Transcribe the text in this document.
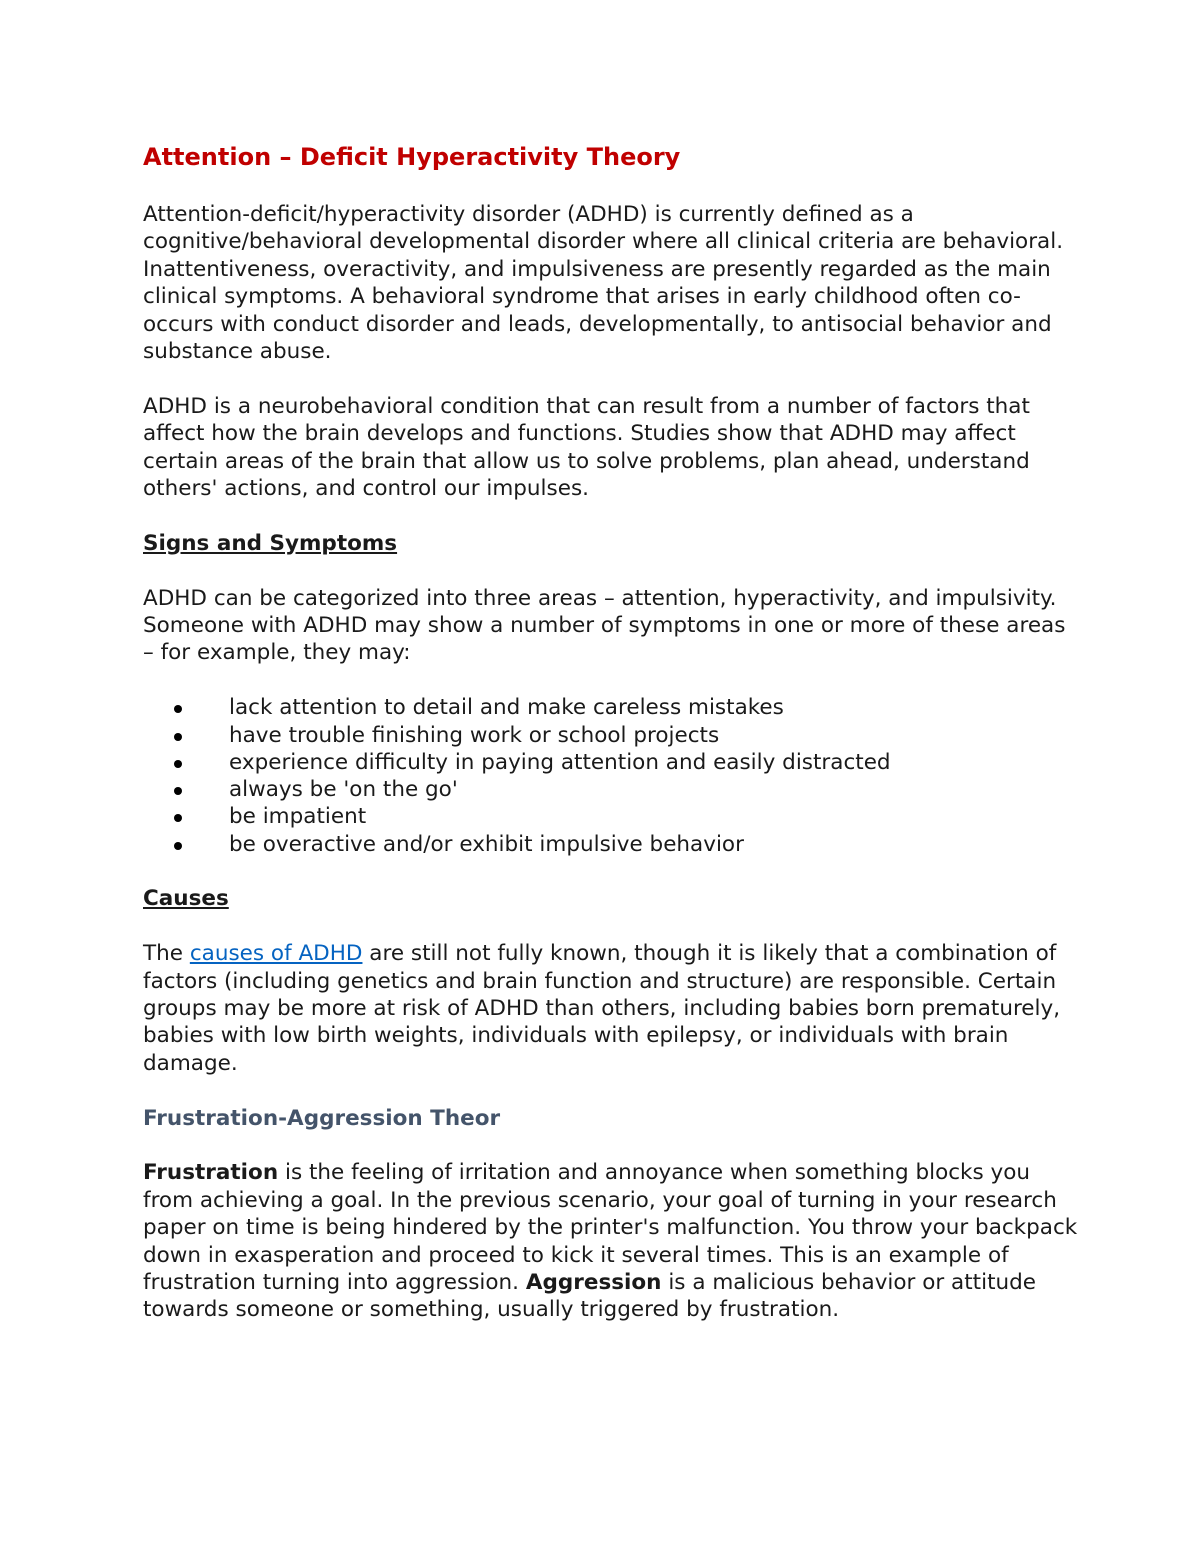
Attention – Deficit Hyperactivity Theory

Attention-deficit/hyperactivity disorder (ADHD) is currently defined as a cognitive/behavioral developmental disorder where all clinical criteria are behavioral. Inattentiveness, overactivity, and impulsiveness are presently regarded as the main clinical symptoms. A behavioral syndrome that arises in early childhood often co-occurs with conduct disorder and leads, developmentally, to antisocial behavior and substance abuse.

ADHD is a neurobehavioral condition that can result from a number of factors that affect how the brain develops and functions. Studies show that ADHD may affect certain areas of the brain that allow us to solve problems, plan ahead, understand others' actions, and control our impulses.

Signs and Symptoms

ADHD can be categorized into three areas – attention, hyperactivity, and impulsivity. Someone with ADHD may show a number of symptoms in one or more of these areas – for example, they may:

lack attention to detail and make careless mistakes
have trouble finishing work or school projects
experience difficulty in paying attention and easily distracted
always be 'on the go'
be impatient
be overactive and/or exhibit impulsive behavior
Causes

The causes of ADHD are still not fully known, though it is likely that a combination of factors (including genetics and brain function and structure) are responsible. Certain groups may be more at risk of ADHD than others, including babies born prematurely, babies with low birth weights, individuals with epilepsy, or individuals with brain damage.

Frustration-Aggression Theor

Frustration is the feeling of irritation and annoyance when something blocks you from achieving a goal. In the previous scenario, your goal of turning in your research paper on time is being hindered by the printer's malfunction. You throw your backpack down in exasperation and proceed to kick it several times. This is an example of frustration turning into aggression. Aggression is a malicious behavior or attitude towards someone or something, usually triggered by frustration.
